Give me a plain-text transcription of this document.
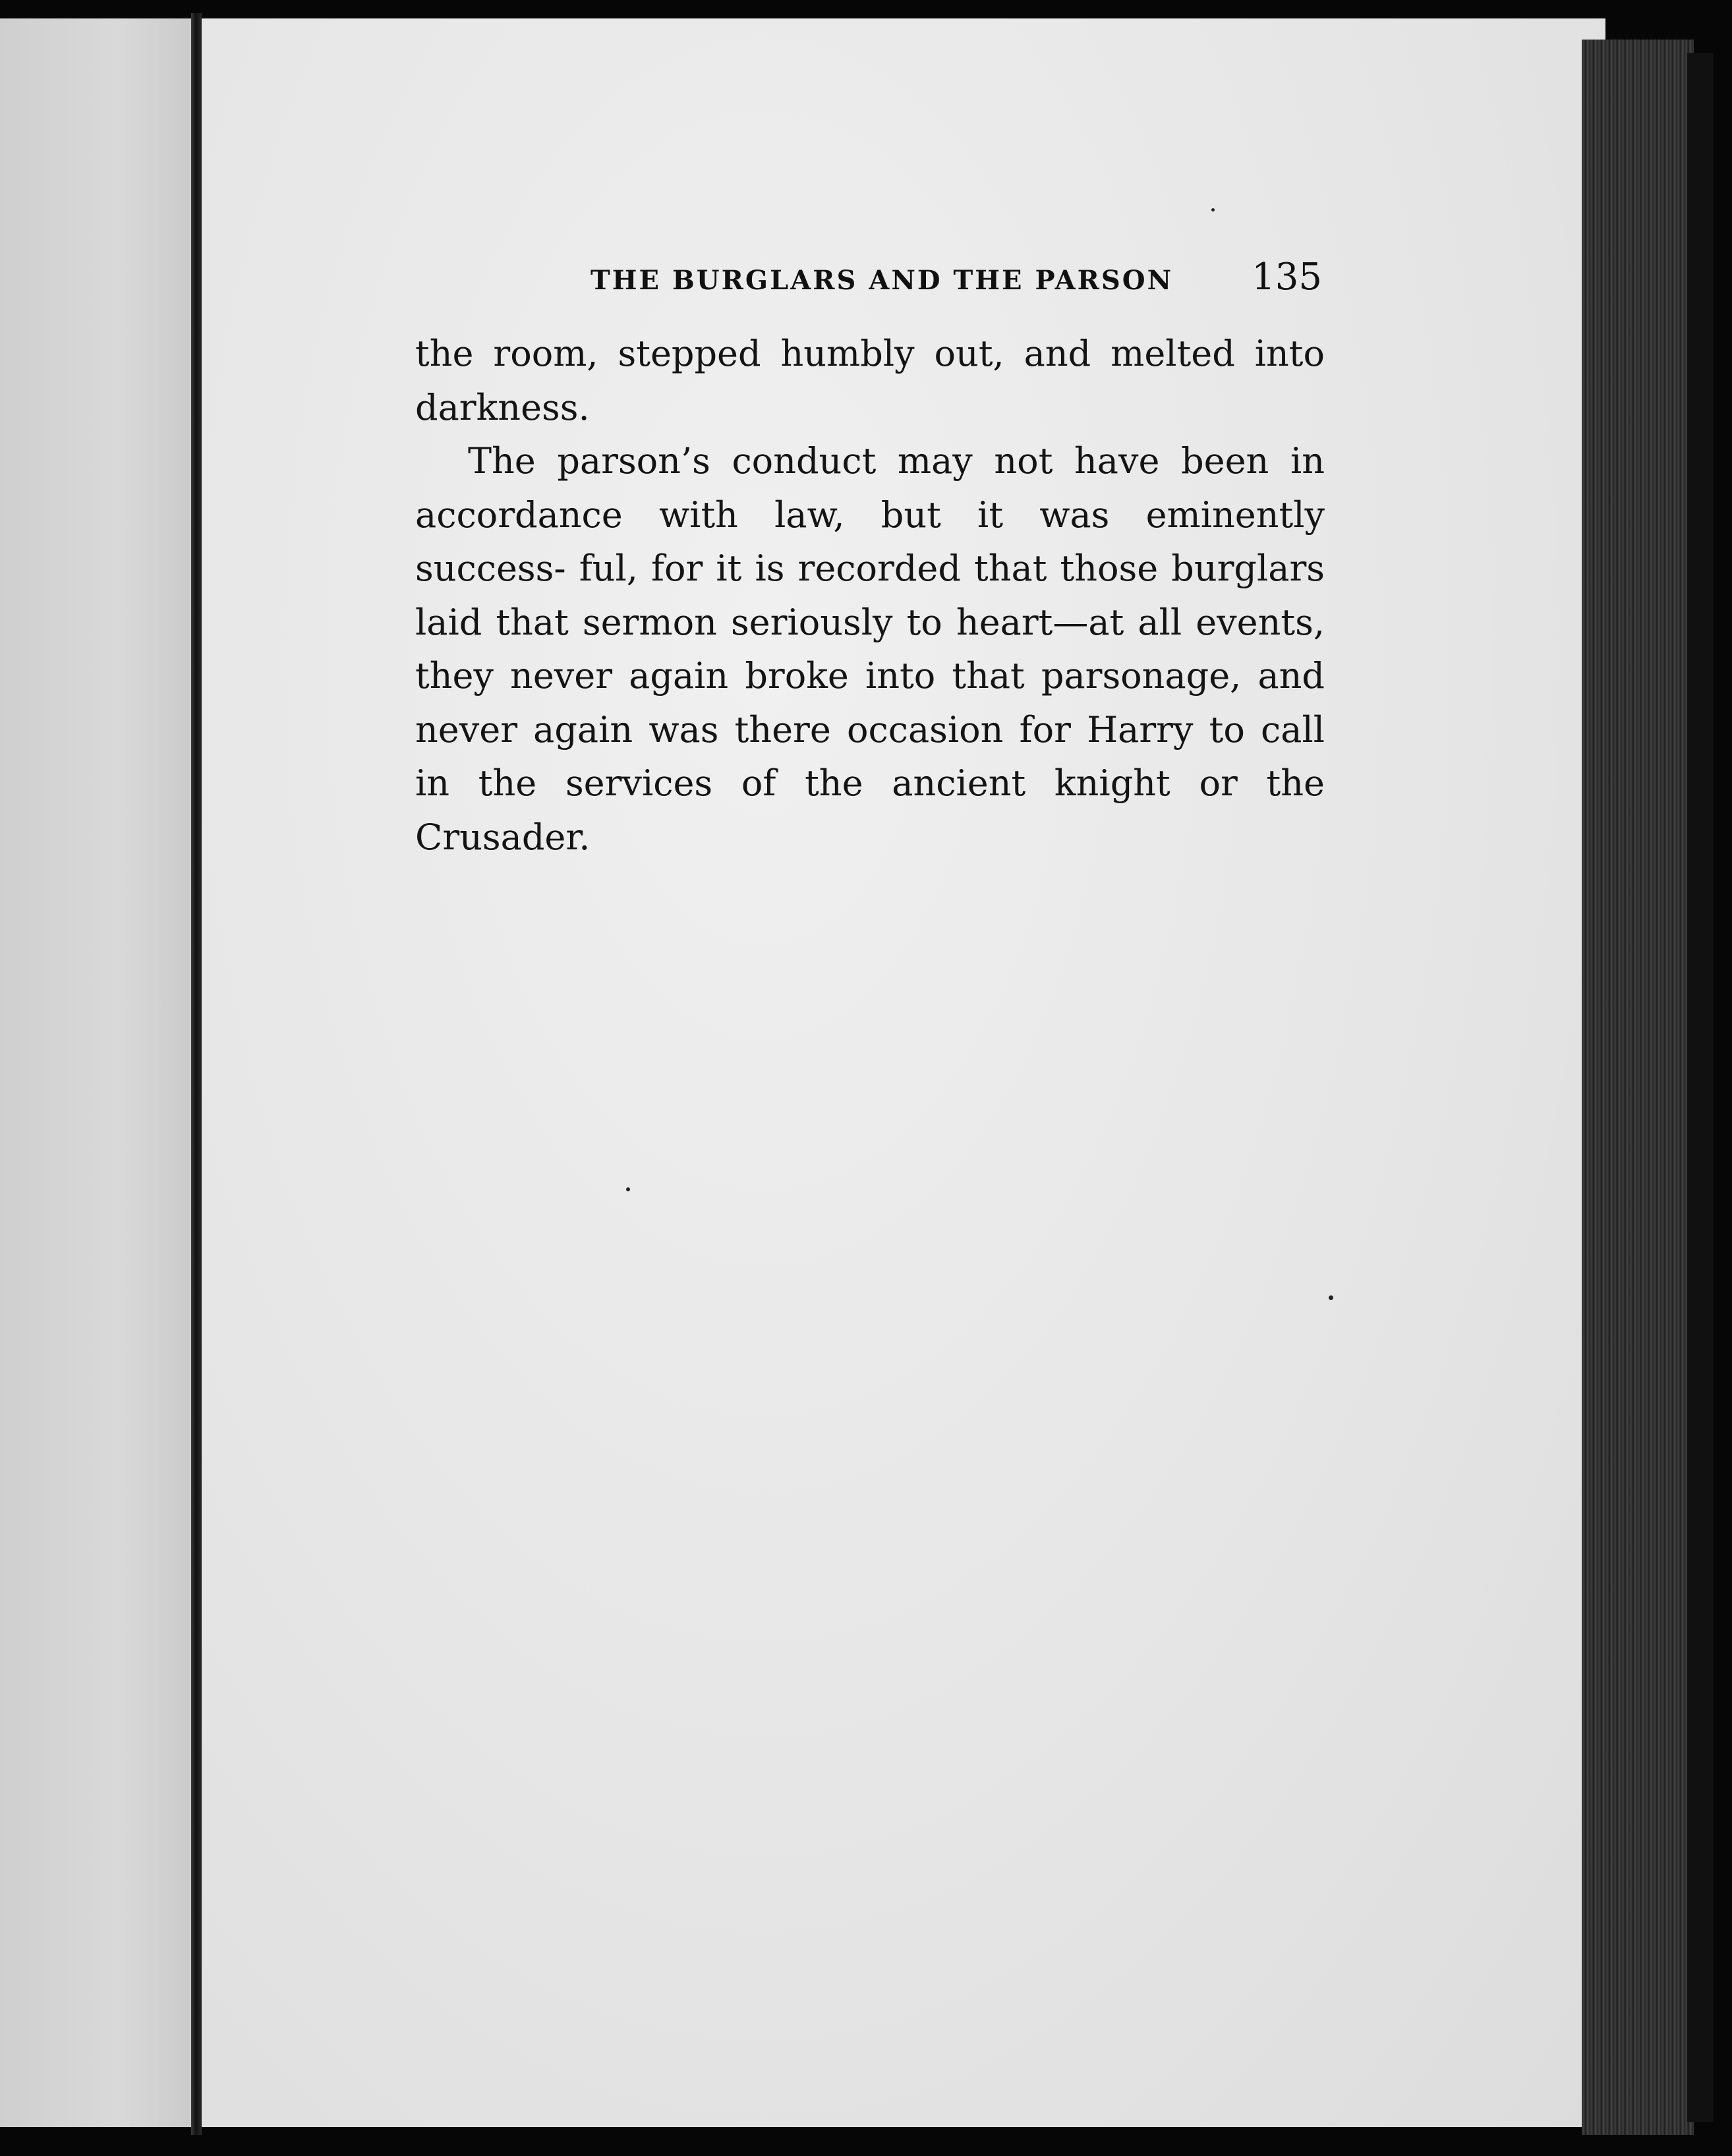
THE BURGLARS AND THE PARSON 135

the room, stepped humbly out, and melted into darkness.

The parson’s conduct may not have been in accordance with law, but it was eminently success- ful, for it is recorded that those burglars laid that sermon seriously to heart—at all events, they never again broke into that parsonage, and never again was there occasion for Harry to call in the services of the ancient knight or the Crusader.
